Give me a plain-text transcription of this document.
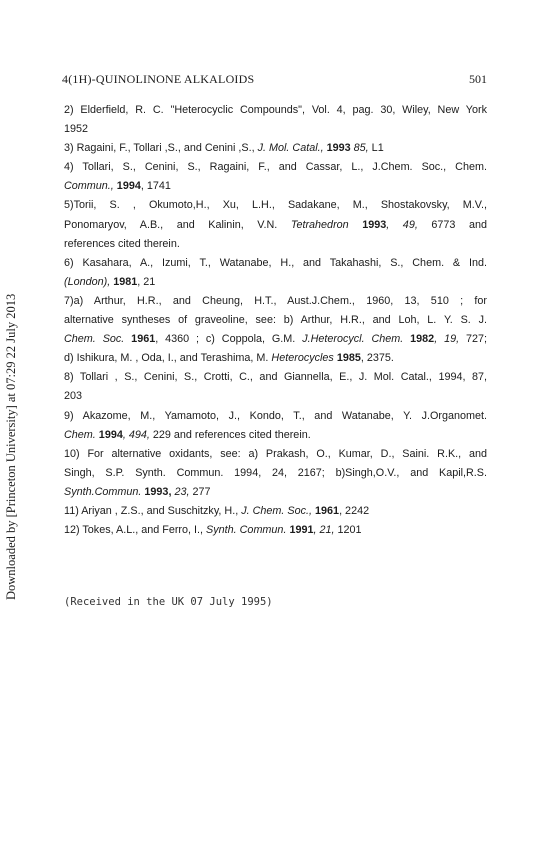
4(1H)-QUINOLINONE ALKALOIDS	501
Downloaded by [Princeton University] at 07:29 22 July 2013
2) Elderfield, R. C. "Heterocyclic Compounds", Vol. 4, pag. 30, Wiley, New York
1952
3) Ragaini, F., Tollari ,S., and Cenini ,S., J. Mol. Catal., 1993 85, L1
4) Tollari, S., Cenini, S., Ragaini, F., and Cassar, L., J.Chem. Soc., Chem.
Commun., 1994, 1741
5)Torii, S. , Okumoto,H., Xu, L.H., Sadakane, M., Shostakovsky, M.V.,
Ponomaryov, A.B., and Kalinin, V.N. Tetrahedron 1993, 49, 6773 and
references cited therein.
6) Kasahara, A., Izumi, T., Watanabe, H., and Takahashi, S., Chem. & Ind.
(London), 1981, 21
7)a) Arthur, H.R., and Cheung, H.T., Aust.J.Chem., 1960, 13, 510 ; for
alternative syntheses of graveoline, see: b) Arthur, H.R., and Loh, L. Y. S. J.
Chem. Soc. 1961, 4360 ; c) Coppola, G.M. J.Heterocycl. Chem. 1982, 19, 727;
d) Ishikura, M. , Oda, I., and Terashima, M. Heterocycles 1985, 2375.
8) Tollari , S., Cenini, S., Crotti, C., and Giannella, E., J. Mol. Catal., 1994, 87,
203
9) Akazome, M., Yamamoto, J., Kondo, T., and Watanabe, Y. J.Organomet.
Chem. 1994, 494, 229 and references cited therein.
10) For alternative oxidants, see: a) Prakash, O., Kumar, D., Saini. R.K., and
Singh, S.P. Synth. Commun. 1994, 24, 2167; b)Singh,O.V., and Kapil,R.S.
Synth.Commun. 1993, 23, 277
11) Ariyan , Z.S., and Suschitzky, H., J. Chem. Soc., 1961, 2242
12) Tokes, A.L., and Ferro, I., Synth. Commun. 1991, 21, 1201
(Received in the UK 07 July 1995)
